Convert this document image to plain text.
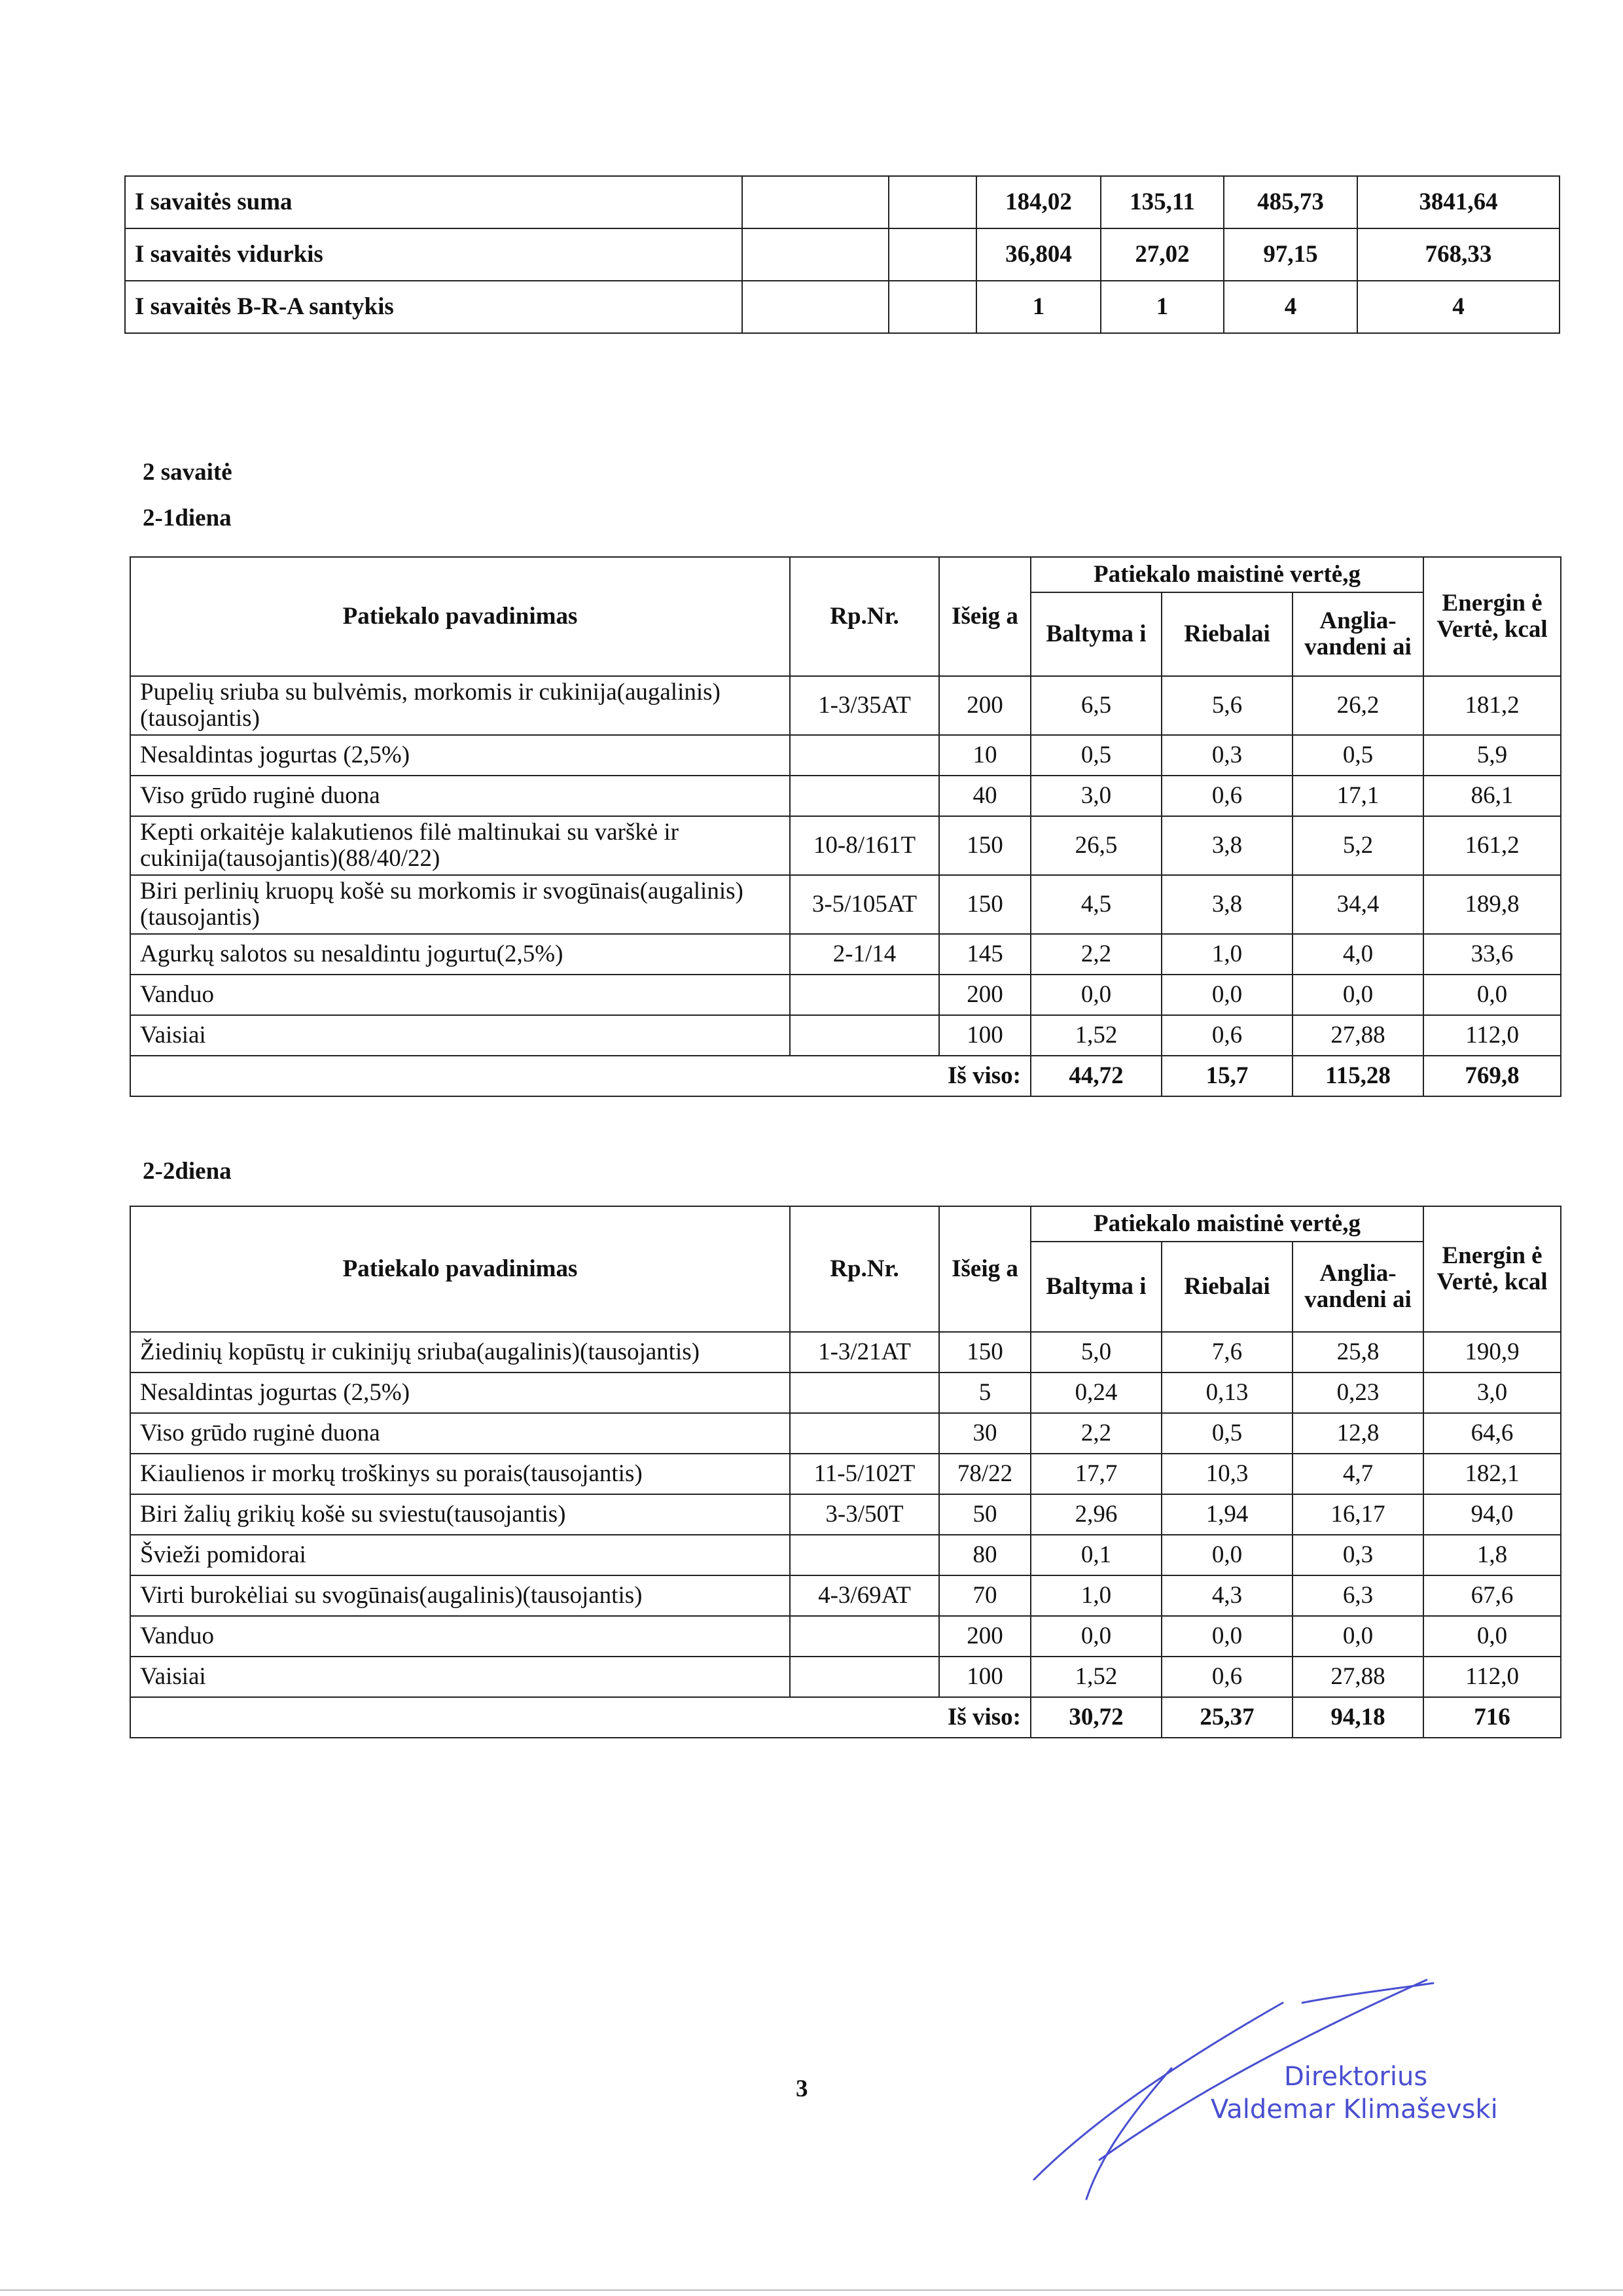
I savaitės suma			184,02	135,11	485,73	3841,64
I savaitės vidurkis			36,804	27,02	97,15	768,33
I savaitės B-R-A santykis			1	1	4	4
2 savaitė
2-1diena
Patiekalo pavadinimas	Rp.Nr.	Išeig a	Patiekalo maistinė vertė,g			Energin ė Vertė, kcal
			Baltyma i	Riebalai	Anglia- vandeni ai	
Pupelių sriuba su bulvėmis, morkomis ir cukinija(augalinis)(tausojantis)	1-3/35AT	200	6,5	5,6	26,2	181,2
Nesaldintas jogurtas (2,5%)		10	0,5	0,3	0,5	5,9
Viso grūdo ruginė duona		40	3,0	0,6	17,1	86,1
Kepti orkaitėje kalakutienos filė maltinukai su varškė ir cukinija(tausojantis)(88/40/22)	10-8/161T	150	26,5	3,8	5,2	161,2
Biri perlinių kruopų košė su morkomis ir svogūnais(augalinis)(tausojantis)	3-5/105AT	150	4,5	3,8	34,4	189,8
Agurkų salotos su nesaldintu jogurtu(2,5%)	2-1/14	145	2,2	1,0	4,0	33,6
Vanduo		200	0,0	0,0	0,0	0,0
Vaisiai		100	1,52	0,6	27,88	112,0
Iš viso:			44,72	15,7	115,28	769,8
2-2diena
Patiekalo pavadinimas	Rp.Nr.	Išeig a	Patiekalo maistinė vertė,g			Energin ė Vertė, kcal
			Baltyma i	Riebalai	Anglia- vandeni ai	
Žiedinių kopūstų ir cukinijų sriuba(augalinis)(tausojantis)	1-3/21AT	150	5,0	7,6	25,8	190,9
Nesaldintas jogurtas (2,5%)		5	0,24	0,13	0,23	3,0
Viso grūdo ruginė duona		30	2,2	0,5	12,8	64,6
Kiaulienos ir morkų troškinys su porais(tausojantis)	11-5/102T	78/22	17,7	10,3	4,7	182,1
Biri žalių grikių košė su sviestu(tausojantis)	3-3/50T	50	2,96	1,94	16,17	94,0
Švieži pomidorai		80	0,1	0,0	0,3	1,8
Virti burokėliai su svogūnais(augalinis)(tausojantis)	4-3/69AT	70	1,0	4,3	6,3	67,6
Vanduo		200	0,0	0,0	0,0	0,0
Vaisiai		100	1,52	0,6	27,88	112,0
Iš viso:			30,72	25,37	94,18	716
3	Direktorius
Valdemar Klimaševski
